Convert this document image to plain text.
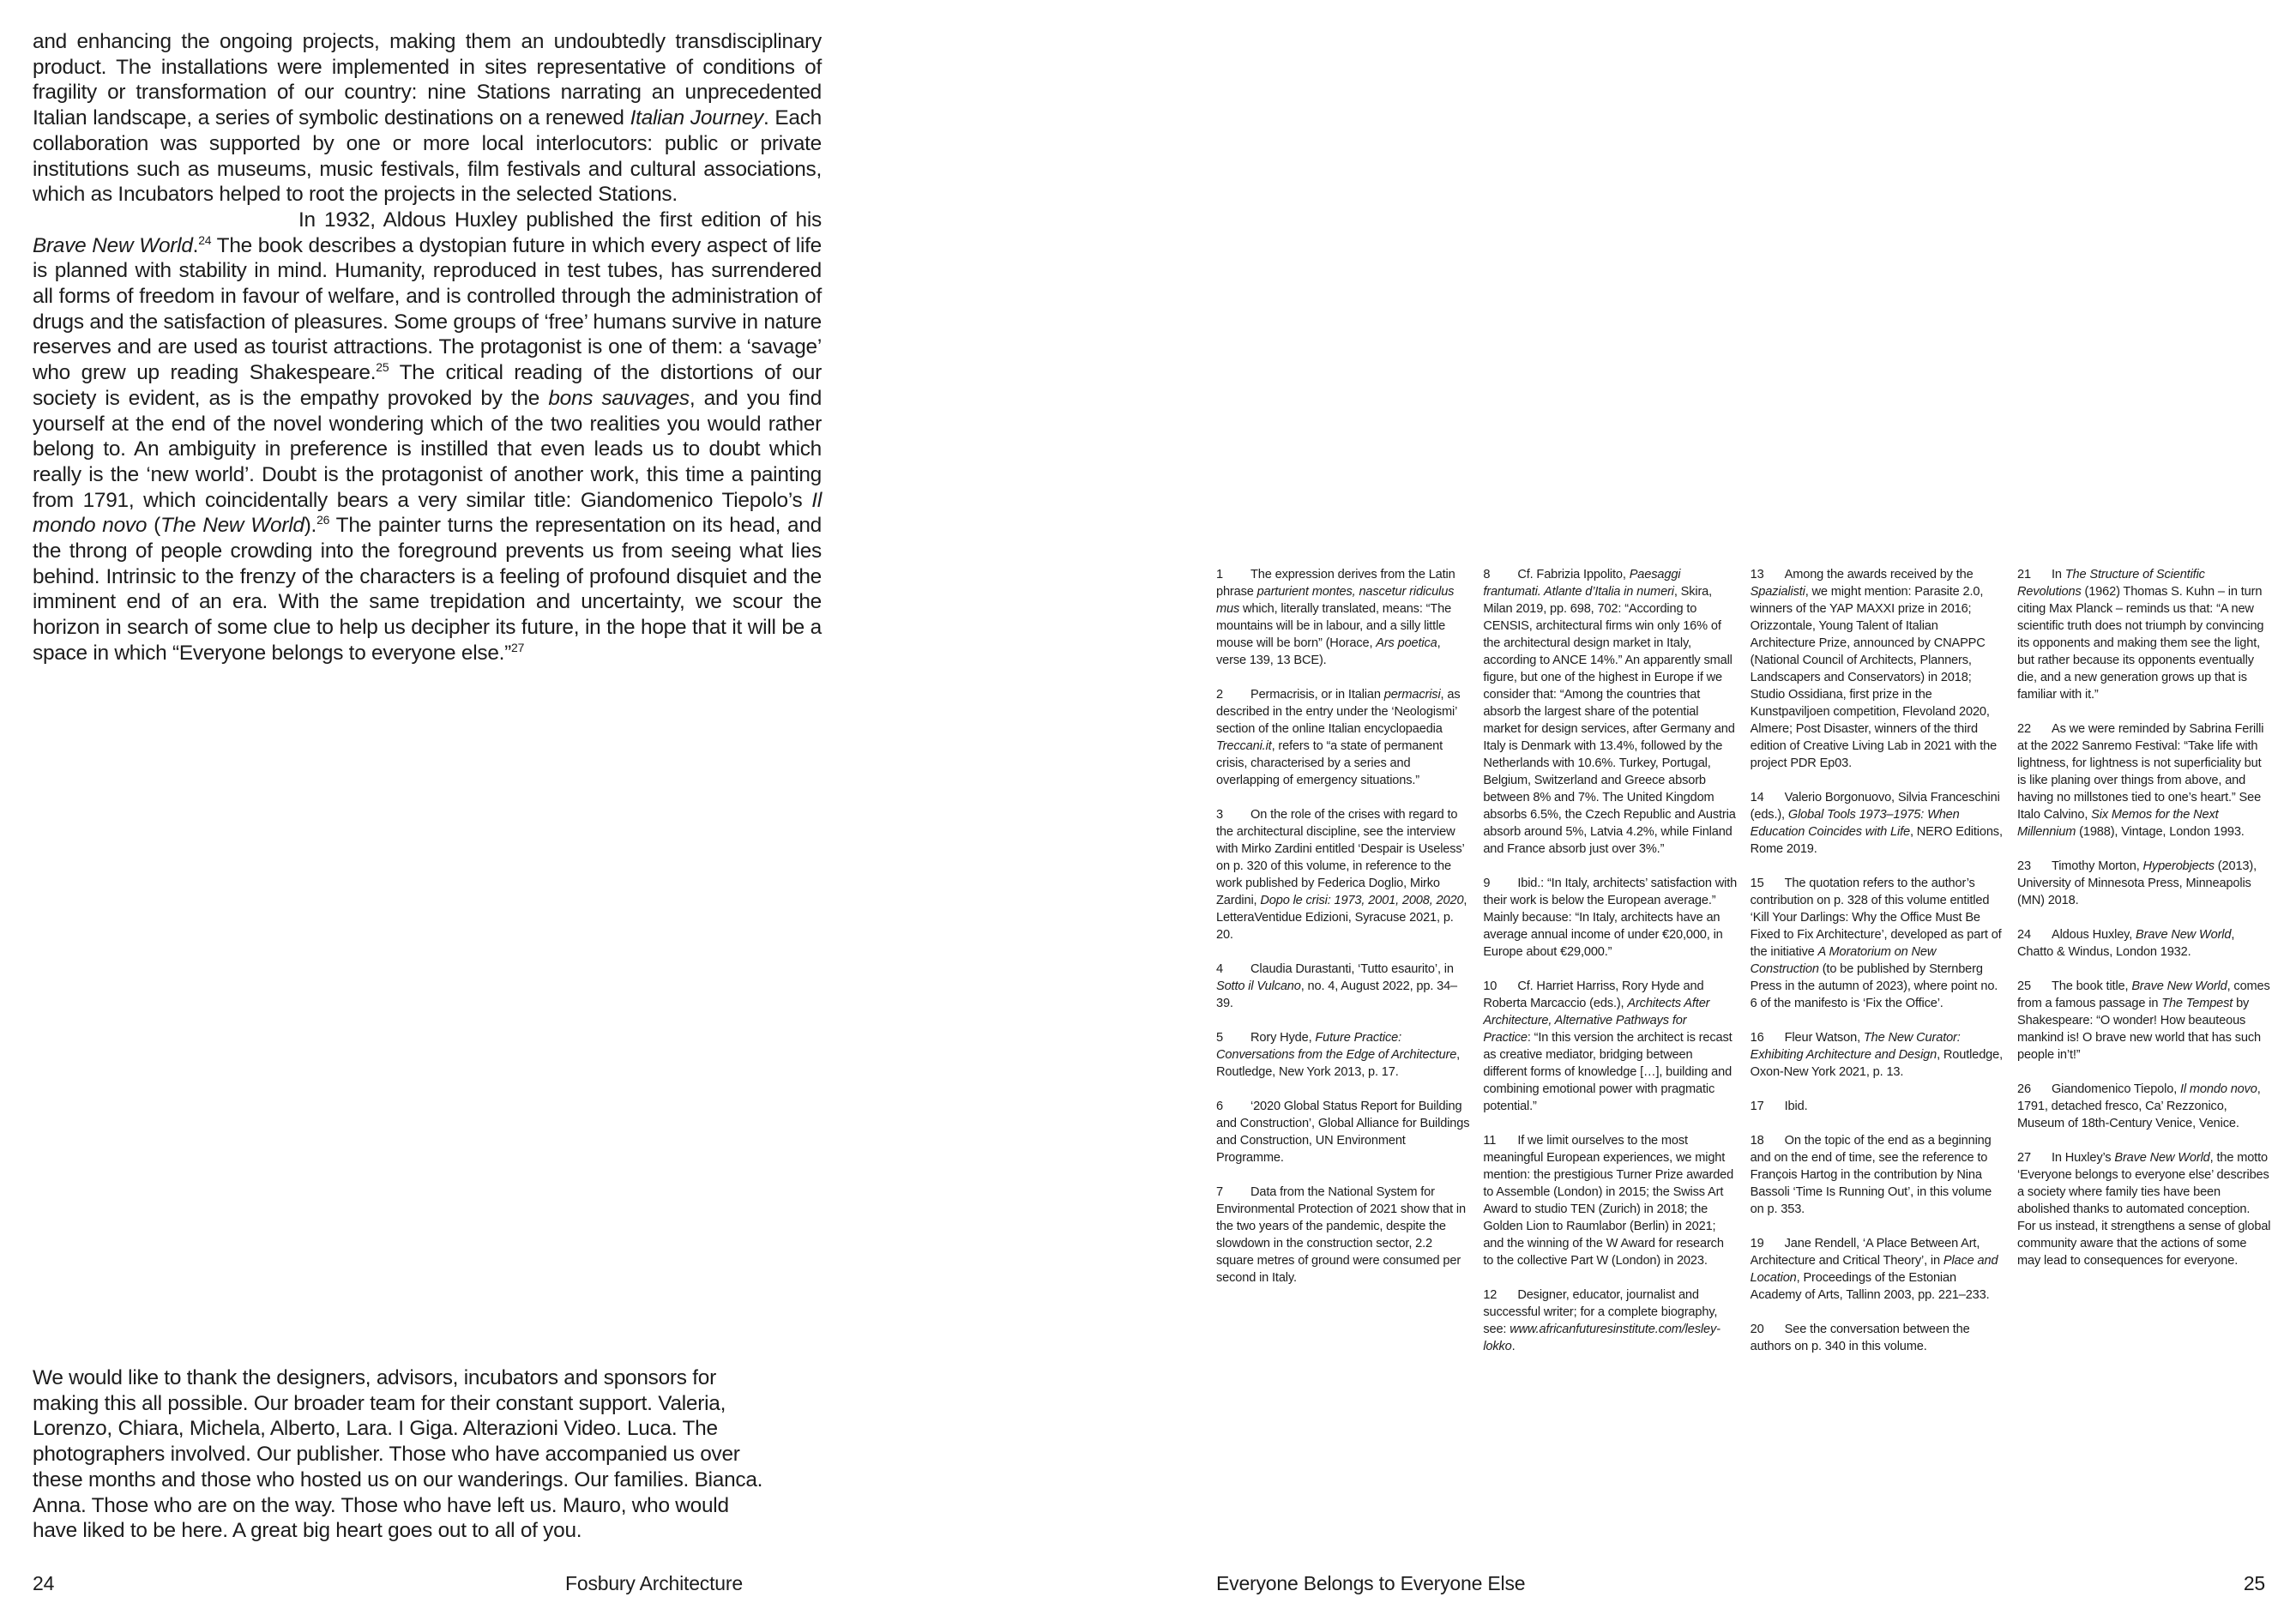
and enhancing the ongoing projects, making them an undoubtedly transdisciplinary product. The installations were implemented in sites representative of conditions of fragility or transformation of our country: nine Stations narrating an unprecedented Italian landscape, a series of symbolic destinations on a renewed Italian Journey. Each collaboration was supported by one or more local interlocutors: public or private institutions such as museums, music festivals, film festivals and cultural associations, which as Incubators helped to root the projects in the selected Stations.

In 1932, Aldous Huxley published the first edition of his Brave New World.$^{24}$ The book describes a dystopian future in which every aspect of life is planned with stability in mind. Humanity, reproduced in test tubes, has surrendered all forms of freedom in favour of welfare, and is controlled through the administration of drugs and the satisfaction of pleasures. Some groups of ‘free’ humans survive in nature reserves and are used as tourist attractions. The protagonist is one of them: a ‘savage’ who grew up reading Shakespeare.$^{25}$ The critical reading of the distortions of our society is evident, as is the empathy provoked by the bons sauvages, and you find yourself at the end of the novel wondering which of the two realities you would rather belong to. An ambiguity in preference is instilled that even leads us to doubt which really is the ‘new world’. Doubt is the protagonist of another work, this time a painting from 1791, which coincidentally bears a very similar title: Giandomenico Tiepolo’s Il mondo novo (The New World).$^{26}$ The painter turns the representation on its head, and the throng of people crowding into the foreground prevents us from seeing what lies behind. Intrinsic to the frenzy of the characters is a feeling of profound disquiet and the imminent end of an era. With the same trepidation and uncertainty, we scour the horizon in search of some clue to help us decipher its future, in the hope that it will be a space in which “Everyone belongs to everyone else.”$^{27}$

We would like to thank the designers, advisors, incubators and sponsors for making this all possible. Our broader team for their constant support. Valeria, Lorenzo, Chiara, Michela, Alberto, Lara. I Giga. Alterazioni Video. Luca. The photographers involved. Our publisher. Those who have accompanied us over these months and those who hosted us on our wanderings. Our families. Bianca. Anna. Those who are on the way. Those who have left us. Mauro, who would have liked to be here. A great big heart goes out to all of you.

24	Fosbury Architecture

1 The expression derives from the Latin phrase parturient montes, nascetur ridiculus mus which, literally translated, means: “The mountains will be in labour, and a silly little mouse will be born” (Horace, Ars poetica, verse 139, 13 BCE).

2 Permacrisis, or in Italian permacrisi, as described in the entry under the ‘Neologismi’ section of the online Italian encyclopaedia Treccani.it, refers to “a state of permanent crisis, characterised by a series and overlapping of emergency situations.”

3 On the role of the crises with regard to the architectural discipline, see the interview with Mirko Zardini entitled ‘Despair is Useless’ on p. 320 of this volume, in reference to the work published by Federica Doglio, Mirko Zardini, Dopo le crisi: 1973, 2001, 2008, 2020, LetteraVentidue Edizioni, Syracuse 2021, p. 20.

4 Claudia Durastanti, ‘Tutto esaurito’, in Sotto il Vulcano, no. 4, August 2022, pp. 34–39.

5 Rory Hyde, Future Practice: Conversations from the Edge of Architecture, Routledge, New York 2013, p. 17.

6 ‘2020 Global Status Report for Building and Construction’, Global Alliance for Buildings and Construction, UN Environment Programme.

7 Data from the National System for Environmental Protection of 2021 show that in the two years of the pandemic, despite the slowdown in the construction sector, 2.2 square metres of ground were consumed per second in Italy.

8 Cf. Fabrizia Ippolito, Paesaggi frantumati. Atlante d’Italia in numeri, Skira, Milan 2019, pp. 698, 702: “According to CENSIS, architectural firms win only 16% of the architectural design market in Italy, according to ANCE 14%.” An apparently small figure, but one of the highest in Europe if we consider that: “Among the countries that absorb the largest share of the potential market for design services, after Germany and Italy is Denmark with 13.4%, followed by the Netherlands with 10.6%. Turkey, Portugal, Belgium, Switzerland and Greece absorb between 8% and 7%. The United Kingdom absorbs 6.5%, the Czech Republic and Austria absorb around 5%, Latvia 4.2%, while Finland and France absorb just over 3%.”

9 Ibid.: “In Italy, architects’ satisfaction with their work is below the European average.” Mainly because: “In Italy, architects have an average annual income of under €20,000, in Europe about €29,000.”

10 Cf. Harriet Harriss, Rory Hyde and Roberta Marcaccio (eds.), Architects After Architecture, Alternative Pathways for Practice: “In this version the architect is recast as creative mediator, bridging between different forms of knowledge […], building and combining emotional power with pragmatic potential.”

11 If we limit ourselves to the most meaningful European experiences, we might mention: the prestigious Turner Prize awarded to Assemble (London) in 2015; the Swiss Art Award to studio TEN (Zurich) in 2018; the Golden Lion to Raumlabor (Berlin) in 2021; and the winning of the W Award for research to the collective Part W (London) in 2023.

12 Designer, educator, journalist and successful writer; for a complete biography, see: www.africanfuturesinstitute.com/lesley-lokko.

13 Among the awards received by the Spazialisti, we might mention: Parasite 2.0, winners of the YAP MAXXI prize in 2016; Orizzontale, Young Talent of Italian Architecture Prize, announced by CNAPPC (National Council of Architects, Planners, Landscapers and Conservators) in 2018; Studio Ossidiana, first prize in the Kunstpaviljoen competition, Flevoland 2020, Almere; Post Disaster, winners of the third edition of Creative Living Lab in 2021 with the project PDR Ep03.

14 Valerio Borgonuovo, Silvia Franceschini (eds.), Global Tools 1973–1975: When Education Coincides with Life, NERO Editions, Rome 2019.

15 The quotation refers to the author’s contribution on p. 328 of this volume entitled ‘Kill Your Darlings: Why the Office Must Be Fixed to Fix Architecture’, developed as part of the initiative A Moratorium on New Construction (to be published by Sternberg Press in the autumn of 2023), where point no. 6 of the manifesto is ‘Fix the Office’.

16 Fleur Watson, The New Curator: Exhibiting Architecture and Design, Routledge, Oxon-New York 2021, p. 13.

17 Ibid.

18 On the topic of the end as a beginning and on the end of time, see the reference to François Hartog in the contribution by Nina Bassoli ‘Time Is Running Out’, in this volume on p. 353.

19 Jane Rendell, ‘A Place Between Art, Architecture and Critical Theory’, in Place and Location, Proceedings of the Estonian Academy of Arts, Tallinn 2003, pp. 221–233.

20 See the conversation between the authors on p. 340 in this volume.

21 In The Structure of Scientific Revolutions (1962) Thomas S. Kuhn – in turn citing Max Planck – reminds us that: “A new scientific truth does not triumph by convincing its opponents and making them see the light, but rather because its opponents eventually die, and a new generation grows up that is familiar with it.”

22 As we were reminded by Sabrina Ferilli at the 2022 Sanremo Festival: “Take life with lightness, for lightness is not superficiality but is like planing over things from above, and having no millstones tied to one’s heart.” See Italo Calvino, Six Memos for the Next Millennium (1988), Vintage, London 1993.

23 Timothy Morton, Hyperobjects (2013), University of Minnesota Press, Minneapolis (MN) 2018.

24 Aldous Huxley, Brave New World, Chatto & Windus, London 1932.

25 The book title, Brave New World, comes from a famous passage in The Tempest by Shakespeare: “O wonder! How beauteous mankind is! O brave new world that has such people in’t!”

26 Giandomenico Tiepolo, Il mondo novo, 1791, detached fresco, Ca’ Rezzonico, Museum of 18th-Century Venice, Venice.

27 In Huxley’s Brave New World, the motto ‘Everyone belongs to everyone else’ describes a society where family ties have been abolished thanks to automated conception. For us instead, it strengthens a sense of global community aware that the actions of some may lead to consequences for everyone.

Everyone Belongs to Everyone Else	25
